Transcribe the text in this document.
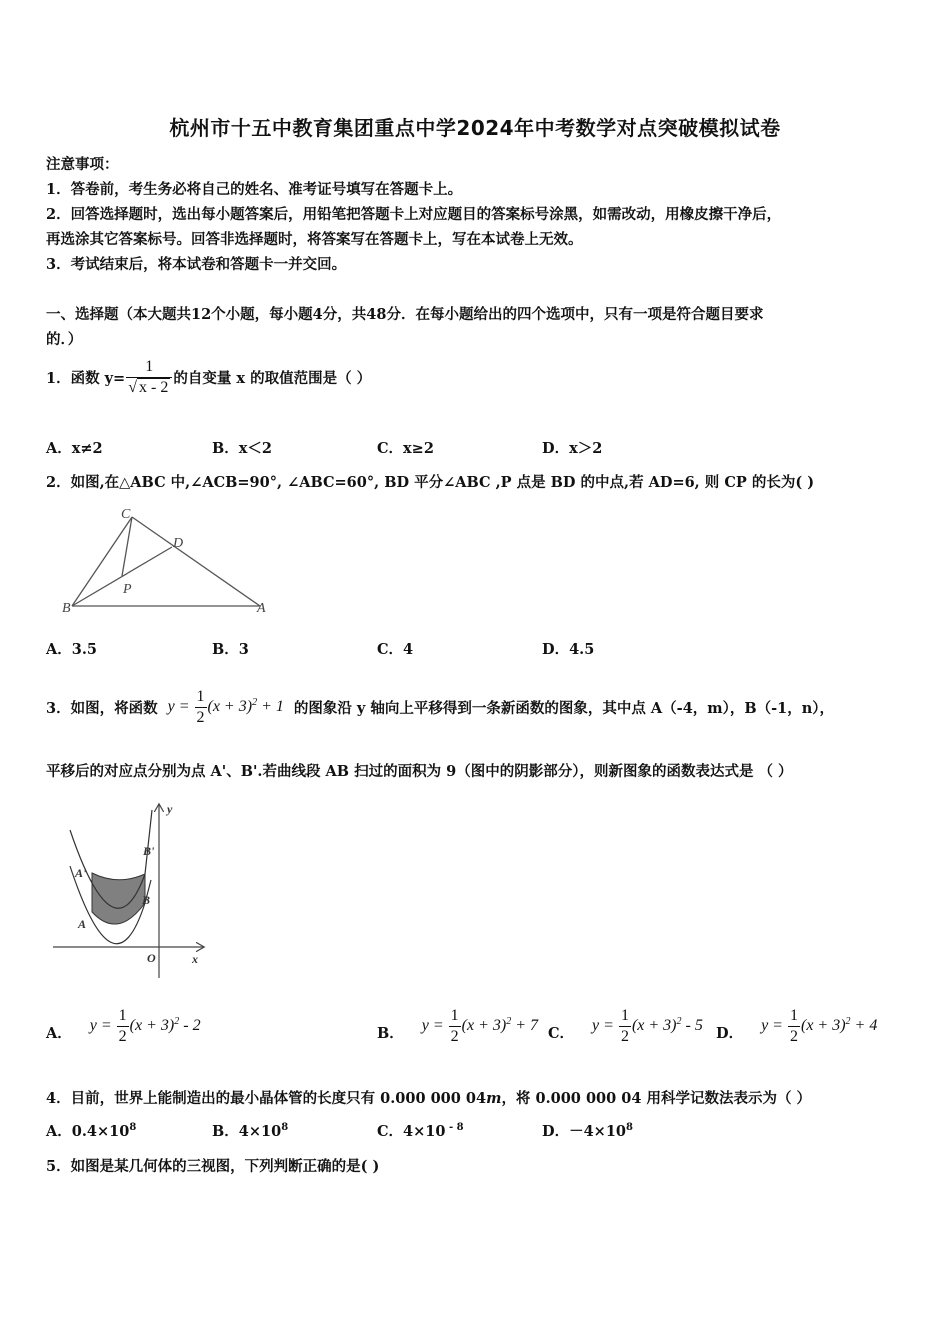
杭州市十五中教育集团重点中学2024年中考数学对点突破模拟试卷
注意事项：
1．答卷前，考生务必将自己的姓名、准考证号填写在答题卡上。
2．回答选择题时，选出每小题答案后，用铅笔把答题卡上对应题目的答案标号涂黑，如需改动，用橡皮擦干净后，
再选涂其它答案标号。回答非选择题时，将答案写在答题卡上，写在本试卷上无效。
3．考试结束后，将本试卷和答题卡一并交回。
一、选择题（本大题共12个小题，每小题4分，共48分．在每小题给出的四个选项中，只有一项是符合题目要求
的．）
1．函数 $y= \frac{1}{√ x - 2}$ 的自变量 x 的取值范围是（ ）
A．x≠2	B．x＜2	C．x≥2	D．x＞2
2．如图,在△ABC 中,∠ACB=90°, ∠ABC=60°, BD 平分∠ABC ,P 点是 BD 的中点,若 AD=6, 则 CP 的长为( )
C
D
P
B	A
A．3.5	B．3	C．4	D．4.5
3．如图，将函数 $y = \frac{1}{2} (x + 3)^2 + 1$ 的图象沿 y 轴向上平移得到一条新函数的图象，其中点 A（-4，m），B（-1，n），
平移后的对应点分别为点 A'、B'.若曲线段 AB 扫过的面积为 9（图中的阴影部分），则新图象的函数表达式是 （ ）
y
x
O
A'
A
B'
B
A． $y = \frac{1}{2} (x + 3)^2 - 2$	B． $y = \frac{1}{2} (x + 3)^2 + 7$ C． $y = \frac{1}{2} (x + 3)^2 - 5$ D． $y = \frac{1}{2} (x + 3)^2 + 4$
4．目前，世界上能制造出的最小晶体管的长度只有 0.000 000 04m，将 0.000 000 04 用科学记数法表示为（ ）
A．$0.4\times 10^8$	B．$4\times 10^8$	C．4×10 $^{- 8}$	D．$-4\times 10^8$
5．如图是某几何体的三视图，下列判断正确的是( )
